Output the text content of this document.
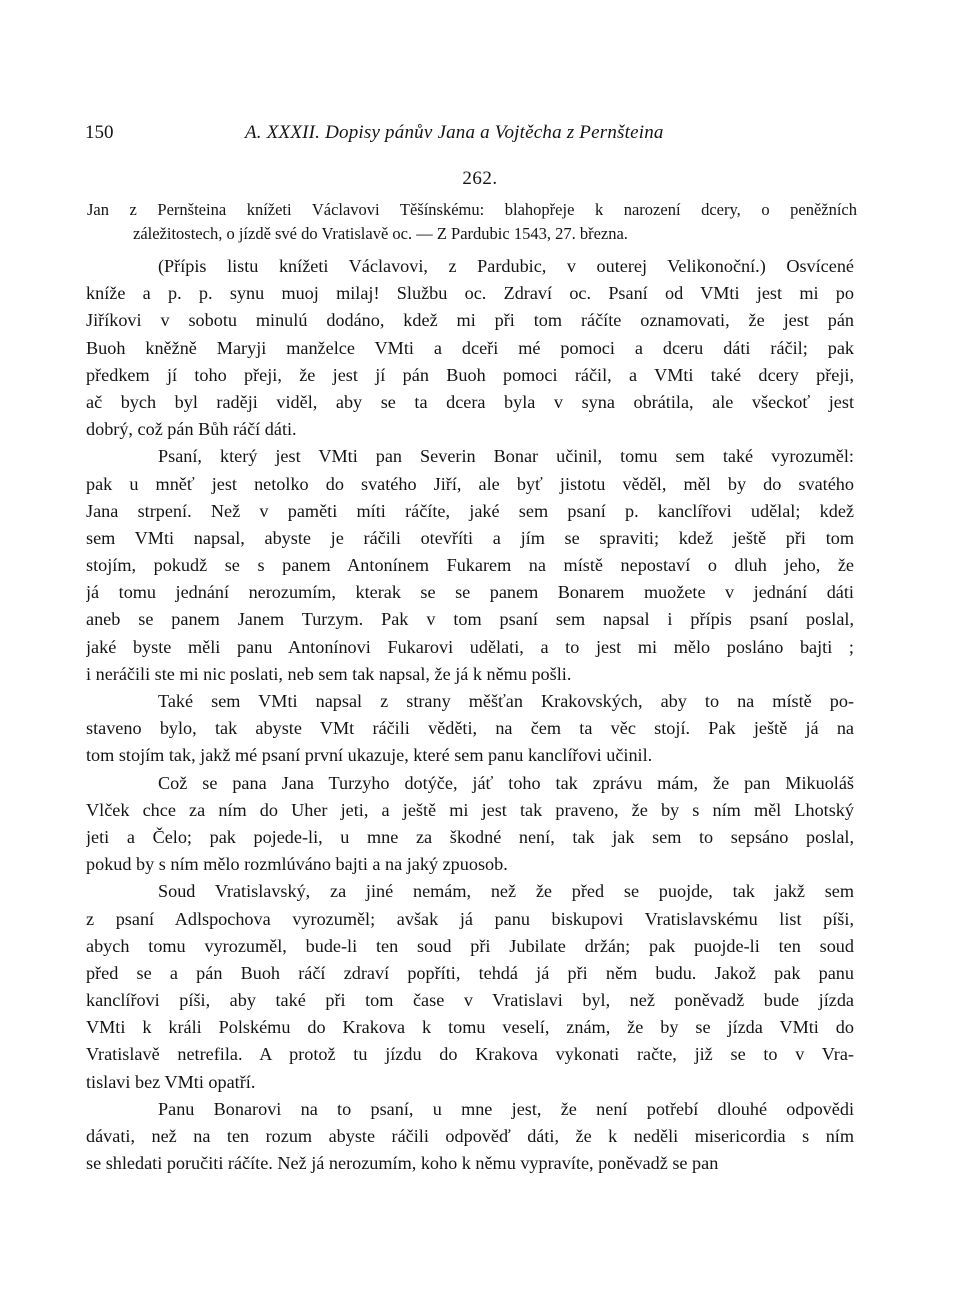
150	A. XXXII. Dopisy pánův Jana a Vojtěcha z Pernšteina
262.
Jan z Pernšteina knížeti Václavovi Těšínskému: blahopřeje k narození dcery, o peněžních
záležitostech, o jízdě své do Vratislavě oc. — Z Pardubic 1543, 27. března.
(Přípis listu knížeti Václavovi, z Pardubic, v outerej Velikonoční.) Osvícené
kníže a p. p. synu muoj milaj! Službu oc. Zdraví oc. Psaní od VMti jest mi po
Jiříkovi v sobotu minulú dodáno, kdež mi při tom ráčíte oznamovati, že jest pán
Buoh kněžně Maryji manželce VMti a dceři mé pomoci a dceru dáti ráčil; pak
předkem jí toho přeji, že jest jí pán Buoh pomoci ráčil, a VMti také dcery přeji,
ač bych byl raději viděl, aby se ta dcera byla v syna obrátila, ale všeckoť jest
dobrý, což pán Bůh ráčí dáti.
Psaní, který jest VMti pan Severin Bonar učinil, tomu sem také vyrozuměl:
pak u mněť jest netolko do svatého Jiří, ale byť jistotu věděl, měl by do svatého
Jana strpení. Než v paměti míti ráčíte, jaké sem psaní p. kanclířovi udělal; kdež
sem VMti napsal, abyste je ráčili otevříti a jím se spraviti; kdež ještě při tom
stojím, pokudž se s panem Antonínem Fukarem na místě nepostaví o dluh jeho, že
já tomu jednání nerozumím, kterak se se panem Bonarem muožete v jednání dáti
aneb se panem Janem Turzym. Pak v tom psaní sem napsal i přípis psaní poslal,
jaké byste měli panu Antonínovi Fukarovi udělati, a to jest mi mělo posláno bajti ;
i neráčili ste mi nic poslati, neb sem tak napsal, že já k němu pošli.
Také sem VMti napsal z strany měšťan Krakovských, aby to na místě po-
staveno bylo, tak abyste VMt ráčili věděti, na čem ta věc stojí. Pak ještě já na
tom stojím tak, jakž mé psaní první ukazuje, které sem panu kanclířovi učinil.
Což se pana Jana Turzyho dotýče, jáť toho tak zprávu mám, že pan Mikuoláš
Vlček chce za ním do Uher jeti, a ještě mi jest tak praveno, že by s ním měl Lhotský
jeti a Čelo; pak pojede-li, u mne za škodné není, tak jak sem to sepsáno poslal,
pokud by s ním mělo rozmlúváno bajti a na jaký zpuosob.
Soud Vratislavský, za jiné nemám, než že před se puojde, tak jakž sem
z psaní Adlspochova vyrozuměl; avšak já panu biskupovi Vratislavskému list píši,
abych tomu vyrozuměl, bude-li ten soud při Jubilate držán; pak puojde-li ten soud
před se a pán Buoh ráčí zdraví popříti, tehdá já při něm budu. Jakož pak panu
kanclířovi píši, aby také při tom čase v Vratislavi byl, než poněvadž bude jízda
VMti k králi Polskému do Krakova k tomu veselí, znám, že by se jízda VMti do
Vratislavě netrefila. A protož tu jízdu do Krakova vykonati račte, již se to v Vra-
tislavi bez VMti opatří.
Panu Bonarovi na to psaní, u mne jest, že není potřebí dlouhé odpovědi
dávati, než na ten rozum abyste ráčili odpověď dáti, že k neděli misericordia s ním
se shledati poručiti ráčíte. Než já nerozumím, koho k němu vypravíte, poněvadž se pan
